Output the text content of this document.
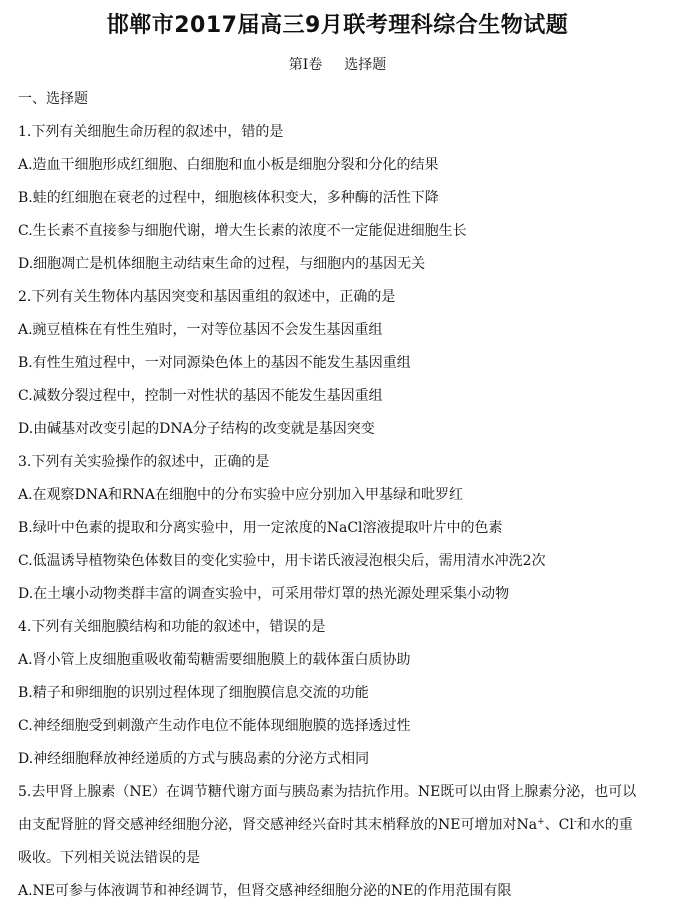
邯郸市2017届高三9月联考理科综合生物试题
第Ⅰ卷 选择题
一、选择题
1.下列有关细胞生命历程的叙述中，错的是
A.造血干细胞形成红细胞、白细胞和血小板是细胞分裂和分化的结果
B.蛙的红细胞在衰老的过程中，细胞核体积变大，多种酶的活性下降
C.生长素不直接参与细胞代谢，增大生长素的浓度不一定能促进细胞生长
D.细胞凋亡是机体细胞主动结束生命的过程，与细胞内的基因无关
2.下列有关生物体内基因突变和基因重组的叙述中，正确的是
A.豌豆植株在有性生殖时，一对等位基因不会发生基因重组
B.有性生殖过程中，一对同源染色体上的基因不能发生基因重组
C.减数分裂过程中，控制一对性状的基因不能发生基因重组
D.由碱基对改变引起的DNA分子结构的改变就是基因突变
3.下列有关实验操作的叙述中，正确的是
A.在观察DNA和RNA在细胞中的分布实验中应分别加入甲基绿和吡罗红
B.绿叶中色素的提取和分离实验中，用一定浓度的NaCl溶液提取叶片中的色素
C.低温诱导植物染色体数目的变化实验中，用卡诺氏液浸泡根尖后，需用清水冲洗2次
D.在土壤小动物类群丰富的调查实验中，可采用带灯罩的热光源处理采集小动物
4.下列有关细胞膜结构和功能的叙述中，错误的是
A.肾小管上皮细胞重吸收葡萄糖需要细胞膜上的载体蛋白质协助
B.精子和卵细胞的识别过程体现了细胞膜信息交流的功能
C.神经细胞受到刺激产生动作电位不能体现细胞膜的选择透过性
D.神经细胞释放神经递质的方式与胰岛素的分泌方式相同
5.去甲肾上腺素（NE）在调节糖代谢方面与胰岛素为拮抗作用。NE既可以由肾上腺素分泌，也可以
由支配肾脏的肾交感神经细胞分泌，肾交感神经兴奋时其末梢释放的NE可增加对Na+、Cl-和水的重
吸收。下列相关说法错误的是
A.NE可参与体液调节和神经调节，但肾交感神经细胞分泌的NE的作用范围有限
